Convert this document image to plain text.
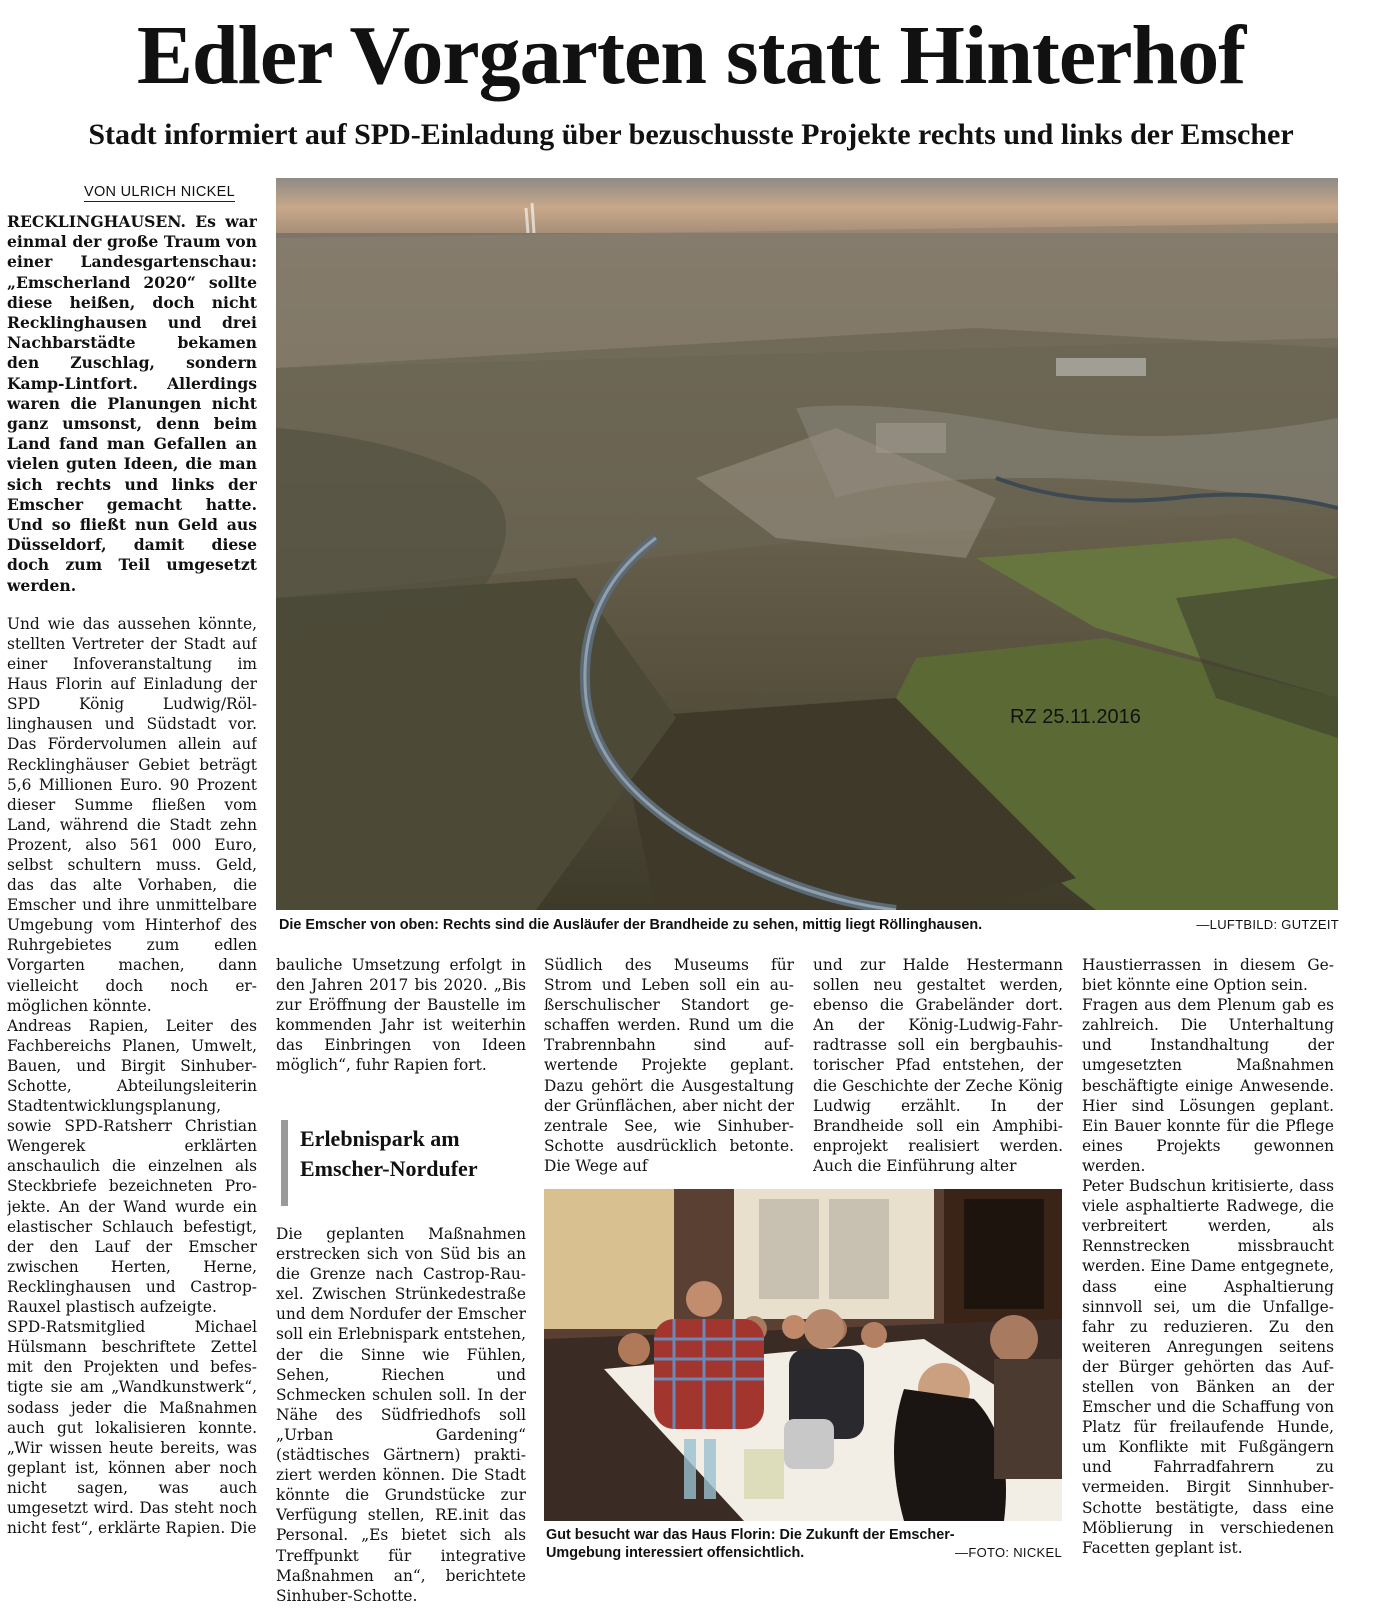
Edler Vorgarten statt Hinterhof
Stadt informiert auf SPD-Einladung über bezuschusste Projekte rechts und links der Emscher
VON ULRICH NICKEL

RECKLINGHAUSEN. Es war einmal der große Traum von einer Landesgartenschau: „Emscherland 2020“ sollte diese heißen, doch nicht Recklinghausen und drei Nachbarstädte bekamen den Zuschlag, sondern Kamp-Lintfort. Allerdings waren die Planungen nicht ganz umsonst, denn beim Land fand man Gefallen an vielen guten Ideen, die man sich rechts und links der Emscher gemacht hatte. Und so fließt nun Geld aus Düsseldorf, damit diese doch zum Teil umgesetzt werden.

Und wie das aussehen könnte, stellten Vertreter der Stadt auf einer Infoveranstaltung im Haus Florin auf Einladung der SPD König Ludwig/Röllinghausen und Südstadt vor. Das Fördervolumen allein auf Recklinghäuser Gebiet beträgt 5,6 Millionen Euro. 90 Prozent dieser Summe fließen vom Land, während die Stadt zehn Prozent, also 561 000 Euro, selbst schultern muss. Geld, das das alte Vorhaben, die Emscher und ihre unmittelbare Umgebung vom Hinterhof des Ruhrgebietes zum edlen Vorgarten machen, dann vielleicht doch noch ermöglichen könnte.

Andreas Rapien, Leiter des Fachbereichs Planen, Umwelt, Bauen, und Birgit Sinhuber-Schotte, Abteilungsleiterin Stadtentwicklungsplanung, sowie SPD-Ratsherr Christian Wengerek erklärten anschaulich die einzelnen als Steckbriefe bezeichneten Projekte. An der Wand wurde ein elastischer Schlauch befestigt, der den Lauf der Emscher zwischen Herten, Herne, Recklinghausen und Castrop-Rauxel plastisch aufzeigte.

SPD-Ratsmitglied Michael Hülsmann beschriftete Zettel mit den Projekten und befestigte sie am „Wandkunstwerk“, sodass jeder die Maßnahmen auch gut lokalisieren konnte. „Wir wissen heute bereits, was geplant ist, können aber noch nicht sagen, was auch umgesetzt wird. Das steht noch nicht fest“, erklärte Rapien. Die

RZ 25.11.2016
Die Emscher von oben: Rechts sind die Ausläufer der Brandheide zu sehen, mittig liegt Röllinghausen.	—LUFTBILD: GUTZEIT

bauliche Umsetzung erfolgt in den Jahren 2017 bis 2020. „Bis zur Eröffnung der Baustelle im kommenden Jahr ist weiterhin das Einbringen von Ideen möglich“, fuhr Rapien fort.

Erlebnispark am
Emscher-Nordufer

Die geplanten Maßnahmen erstrecken sich von Süd bis an die Grenze nach Castrop-Rauxel. Zwischen Strünkedestraße und dem Nordufer der Emscher soll ein Erlebnispark entstehen, der die Sinne wie Fühlen, Sehen, Riechen und Schmecken schulen soll. In der Nähe des Südfriedhofs soll „Urban Gardening“ (städtisches Gärtnern) praktiziert werden können. Die Stadt könnte die Grundstücke zur Verfügung stellen, RE.init das Personal. „Es bietet sich als Treffpunkt für integrative Maßnahmen an“, berichtete Sinhuber-Schotte.

Südlich des Museums für Strom und Leben soll ein außerschulischer Standort geschaffen werden. Rund um die Trabrennbahn sind aufwertende Projekte geplant. Dazu gehört die Ausgestaltung der Grünflächen, aber nicht der zentrale See, wie Sinhuber-Schotte ausdrücklich betonte. Die Wege auf

und zur Halde Hestermann sollen neu gestaltet werden, ebenso die Grabeländer dort. An der König-Ludwig-Fahrradtrasse soll ein bergbauhistorischer Pfad entstehen, der die Geschichte der Zeche König Ludwig erzählt. In der Brandheide soll ein Amphibienprojekt realisiert werden. Auch die Einführung alter

Gut besucht war das Haus Florin: Die Zukunft der Emscher-
Umgebung interessiert offensichtlich.	—FOTO: NICKEL

Haustierrassen in diesem Gebiet könnte eine Option sein.

Fragen aus dem Plenum gab es zahlreich. Die Unterhaltung und Instandhaltung der umgesetzten Maßnahmen beschäftigte einige Anwesende. Hier sind Lösungen geplant. Ein Bauer konnte für die Pflege eines Projekts gewonnen werden.

Peter Budschun kritisierte, dass viele asphaltierte Radwege, die verbreitert werden, als Rennstrecken missbraucht werden. Eine Dame entgegnete, dass eine Asphaltierung sinnvoll sei, um die Unfallgefahr zu reduzieren. Zu den weiteren Anregungen seitens der Bürger gehörten das Aufstellen von Bänken an der Emscher und die Schaffung von Platz für freilaufende Hunde, um Konflikte mit Fußgängern und Fahrradfahrern zu vermeiden. Birgit Sinnhuber-Schotte bestätigte, dass eine Möblierung in verschiedenen Facetten geplant ist.
